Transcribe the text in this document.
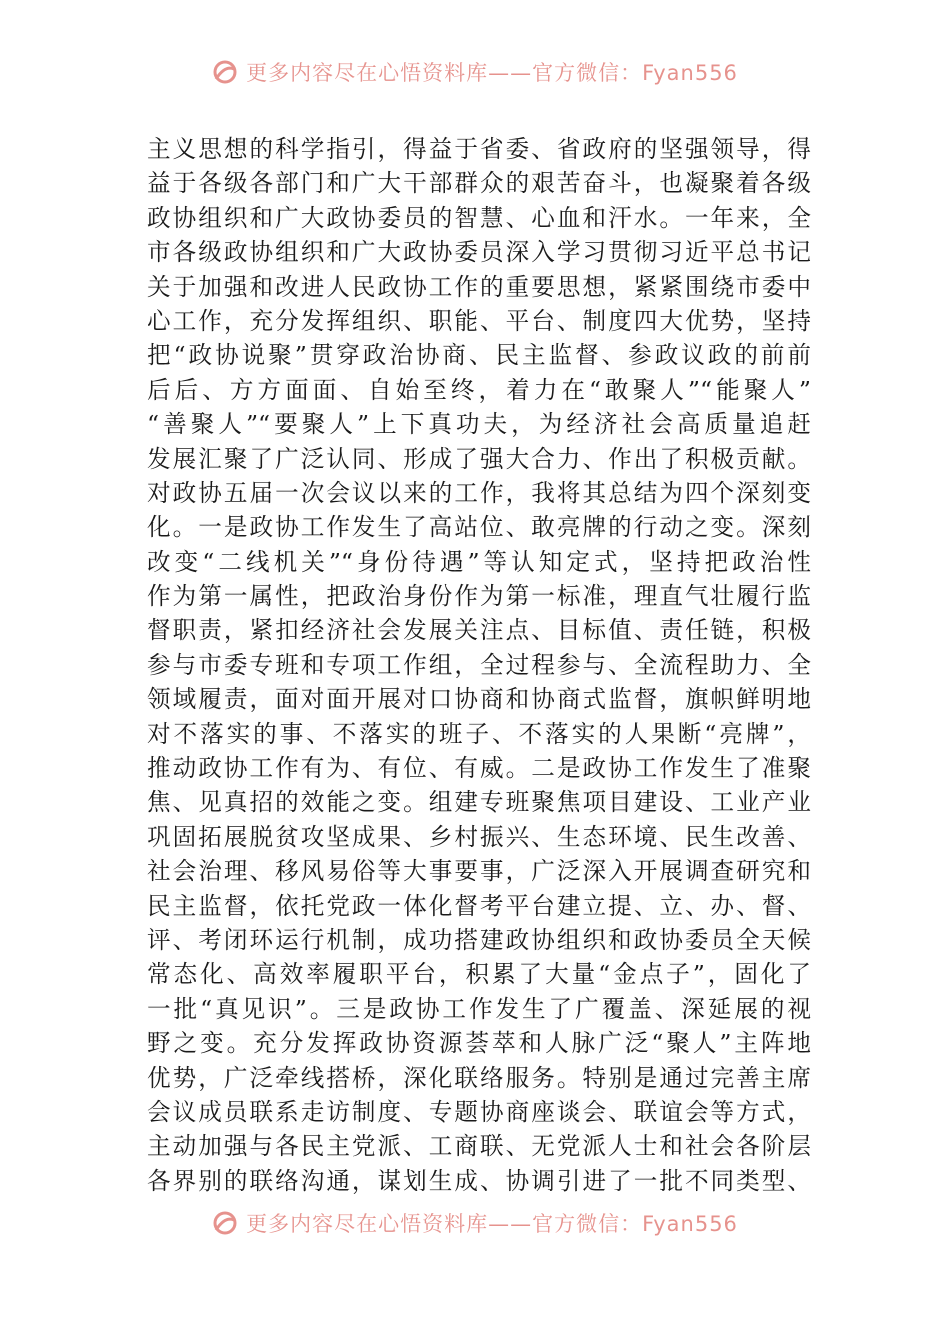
更多内容尽在心悟资料库——官方微信：Fyan556
主义思想的科学指引，得益于省委、省政府的坚强领导，得
益于各级各部门和广大干部群众的艰苦奋斗，也凝聚着各级
政协组织和广大政协委员的智慧、心血和汗水。一年来，全
市各级政协组织和广大政协委员深入学习贯彻习近平总书记
关于加强和改进人民政协工作的重要思想，紧紧围绕市委中
心工作，充分发挥组织、职能、平台、制度四大优势，坚持
把“政协说聚”贯穿政治协商、民主监督、参政议政的前前
后后、方方面面、自始至终，着力在“敢聚人”“能聚人”
“善聚人”“要聚人”上下真功夫，为经济社会高质量追赶
发展汇聚了广泛认同、形成了强大合力、作出了积极贡献。
对政协五届一次会议以来的工作，我将其总结为四个深刻变
化。一是政协工作发生了高站位、敢亮牌的行动之变。深刻
改变“二线机关”“身份待遇”等认知定式，坚持把政治性
作为第一属性，把政治身份作为第一标准，理直气壮履行监
督职责，紧扣经济社会发展关注点、目标值、责任链，积极
参与市委专班和专项工作组，全过程参与、全流程助力、全
领域履责，面对面开展对口协商和协商式监督，旗帜鲜明地
对不落实的事、不落实的班子、不落实的人果断“亮牌”，
推动政协工作有为、有位、有威。二是政协工作发生了准聚
焦、见真招的效能之变。组建专班聚焦项目建设、工业产业
巩固拓展脱贫攻坚成果、乡村振兴、生态环境、民生改善、
社会治理、移风易俗等大事要事，广泛深入开展调查研究和
民主监督，依托党政一体化督考平台建立提、立、办、督、
评、考闭环运行机制，成功搭建政协组织和政协委员全天候
常态化、高效率履职平台，积累了大量“金点子”，固化了
一批“真见识”。三是政协工作发生了广覆盖、深延展的视
野之变。充分发挥政协资源荟萃和人脉广泛“聚人”主阵地
优势，广泛牵线搭桥，深化联络服务。特别是通过完善主席
会议成员联系走访制度、专题协商座谈会、联谊会等方式，
主动加强与各民主党派、工商联、无党派人士和社会各阶层
各界别的联络沟通，谋划生成、协调引进了一批不同类型、
更多内容尽在心悟资料库——官方微信：Fyan556
